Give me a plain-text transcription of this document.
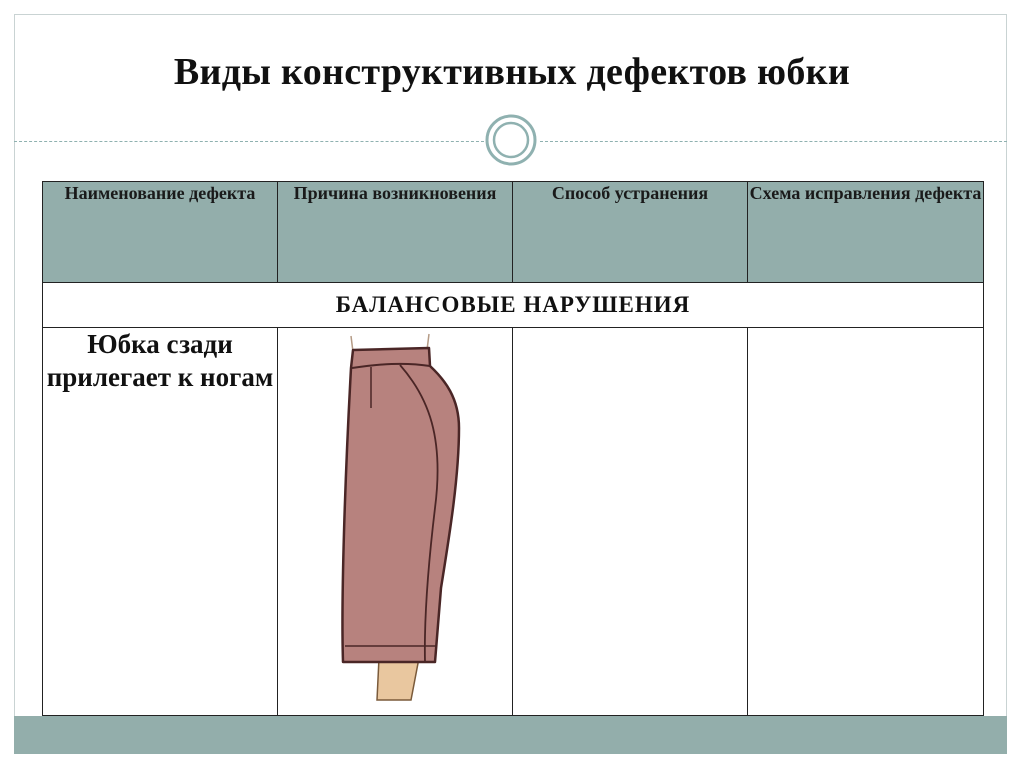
Виды конструктивных дефектов юбки
Наименование дефекта	Причина возникновения	Способ устранения	Схема исправления дефекта
БАЛАНСОВЫЕ НАРУШЕНИЯ			
Юбка сзади прилегает к ногам			
